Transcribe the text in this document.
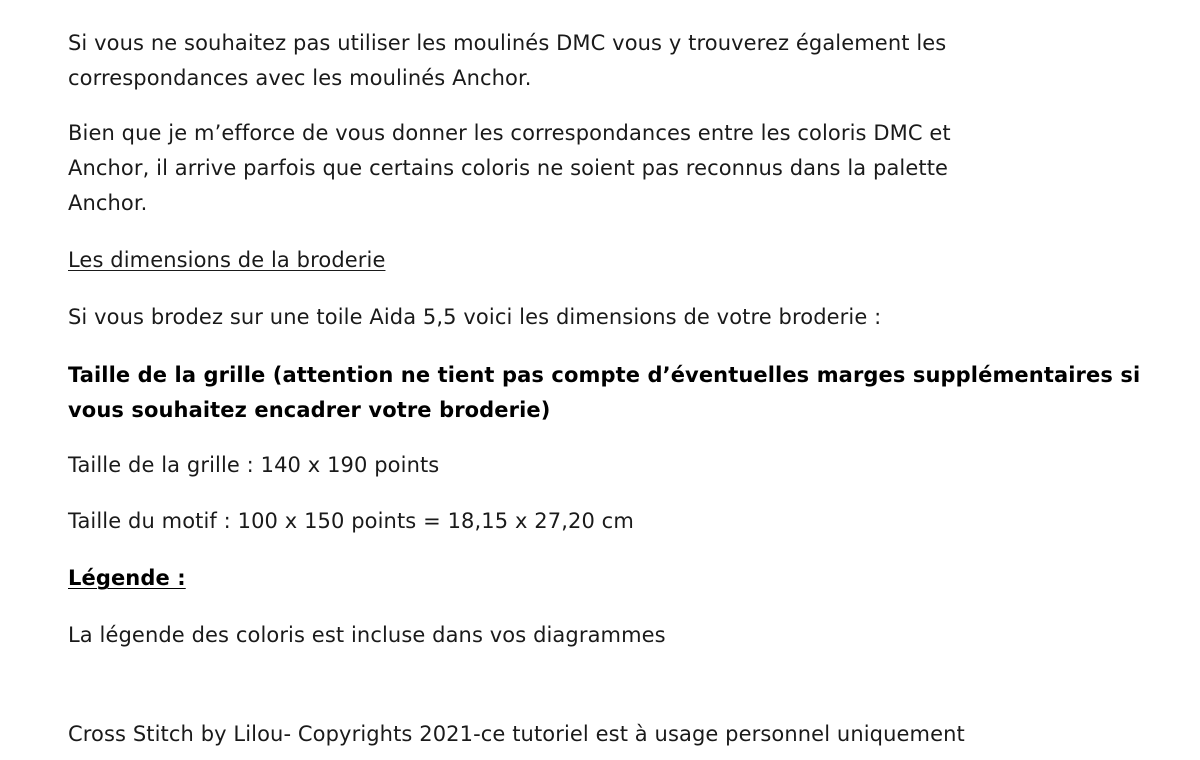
Si vous ne souhaitez pas utiliser les moulinés DMC vous y trouverez également les
correspondances avec les moulinés Anchor.

Bien que je m’efforce de vous donner les correspondances entre les coloris DMC et
Anchor, il arrive parfois que certains coloris ne soient pas reconnus dans la palette
Anchor.

Les dimensions de la broderie

Si vous brodez sur une toile Aida 5,5 voici les dimensions de votre broderie :

Taille de la grille (attention ne tient pas compte d’éventuelles marges supplémentaires si
vous souhaitez encadrer votre broderie)

Taille de la grille : 140 x 190 points

Taille du motif : 100 x 150 points = 18,15 x 27,20 cm

Légende :

La légende des coloris est incluse dans vos diagrammes

Cross Stitch by Lilou- Copyrights 2021-ce tutoriel est à usage personnel uniquement
